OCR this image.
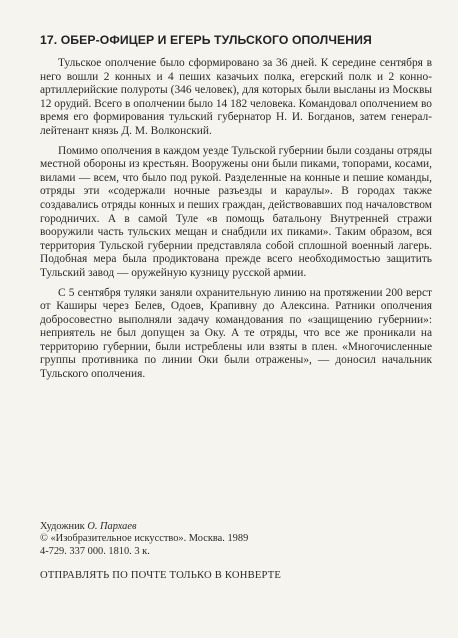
17. ОБЕР-ОФИЦЕР И ЕГЕРЬ ТУЛЬСКОГО ОПОЛЧЕНИЯ

Тульское ополчение было сформировано за 36 дней. К середине сентября в него вошли 2 конных и 4 пеших казачьих полка, егерский полк и 2 конно-артиллерийские полуроты (346 человек), для которых были высланы из Москвы 12 орудий. Всего в ополчении было 14 182 человека. Командовал ополчением во время его формирования тульский губернатор Н. И. Богданов, затем генерал-лейтенант князь Д. М. Волконский.

Помимо ополчения в каждом уезде Тульской губернии были созданы отряды местной обороны из крестьян. Вооружены они были пиками, топорами, косами, вилами — всем, что было под рукой. Разделенные на конные и пешие команды, отряды эти «содержали ночные разъезды и караулы». В городах также создавались отряды конных и пеших граждан, действовавших под началовством городничих. А в самой Туле «в помощь батальону Внутренней стражи вооружили часть тульских мещан и снабдили их пиками». Таким образом, вся территория Тульской губернии представляла собой сплошной военный лагерь. Подобная мера была продиктована прежде всего необходимостью защитить Тульский завод — оружейную кузницу русской армии.

С 5 сентября туляки заняли охранительную линию на протяжении 200 верст от Каширы через Белев, Одоев, Крапивну до Алексина. Ратники ополчения добросовестно выполняли задачу командования по «защищению губернии»: неприятель не был допущен за Оку. А те отряды, что все же проникали на территорию губернии, были истреблены или взяты в плен. «Многочисленные группы противника по линии Оки были отражены», — доносил начальник Тульского ополчения.

Художник О. Пархаев
© «Изобразительное искусство». Москва. 1989
4-729. 337 000. 1810. 3 к.
ОТПРАВЛЯТЬ ПО ПОЧТЕ ТОЛЬКО В КОНВЕРТЕ
